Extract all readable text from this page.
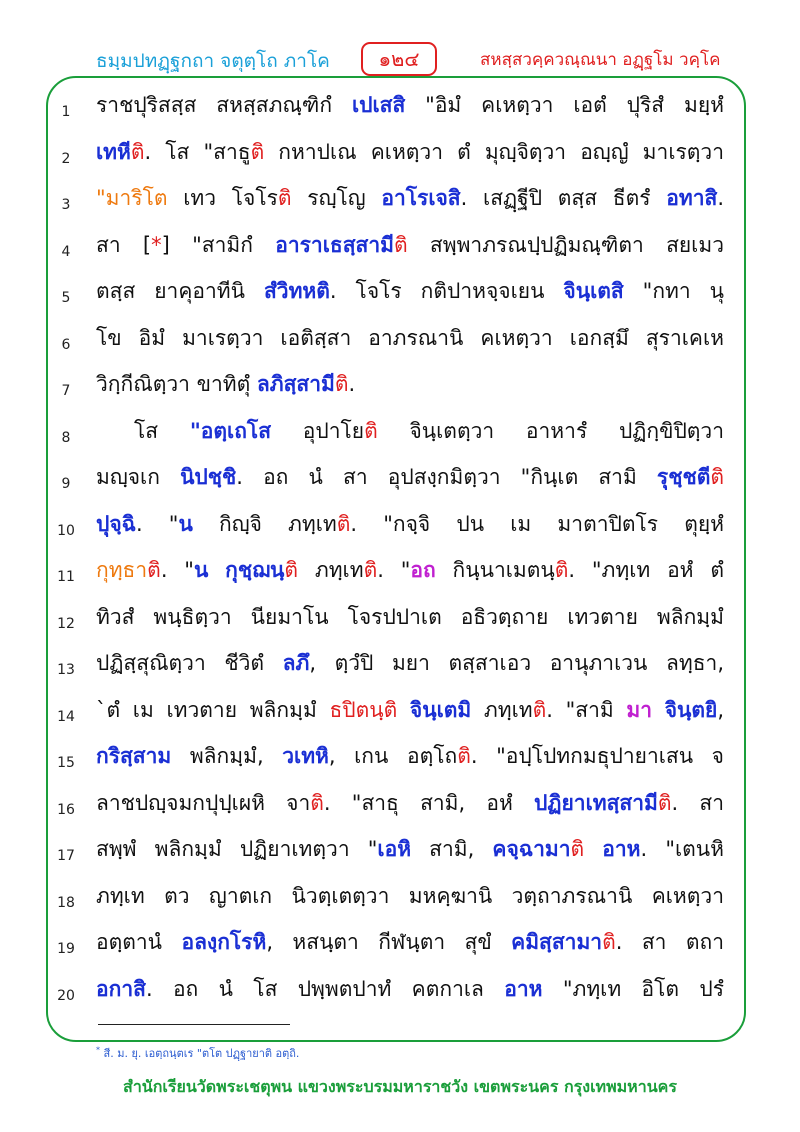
ธมฺมปทฏฺฐกถา จตุตฺโถ ภาโค	๑๒๔	สหสฺสวคฺควณฺณนา อฏฺฐโม วคฺโค
1	ราชปุริสสฺส สหสฺสภณฺฑิกํ เปเสสิ "อิมํ คเหตฺวา เอตํ ปุริสํ มยฺหํ
2	เทหีติ. โส "สาธูติ กหาปเณ คเหตฺวา ตํ มุญฺจิตฺวา อญฺญํ มาเรตฺวา
3	"มาริโต เทว โจโรติ รญฺโญ อาโรเจสิ. เสฏฺฐีปิ ตสฺส ธีตรํ อทาสิ.
4	สา [*] "สามิกํ อาราเธสฺสามีติ สพฺพาภรณปฺปฏิมณฺฑิตา สยเมว
5	ตสฺส ยาคุอาทีนิ สํวิทหติ. โจโร กติปาหจฺจเยน จินฺเตสิ "กทา นุ
6	โข อิมํ มาเรตฺวา เอติสฺสา อาภรณานิ คเหตฺวา เอกสฺมึ สุราเคเห
7	วิกฺกีณิตฺวา ขาทิตุํ ลภิสฺสามีติ.
8	โส "อตฺเถโส อุปาโยติ จินฺเตตฺวา อาหารํ ปฏิกฺขิปิตฺวา
9	มญฺจเก นิปชฺชิ. อถ นํ สา อุปสงฺกมิตฺวา "กินฺเต สามิ รุชฺชตีติ
10	ปุจฺฉิ. "น กิญฺจิ ภทฺเทติ. "กจฺจิ ปน เม มาตาปิตโร ตุยฺหํ
11	กุทฺธาติ. "น กุชฺฌนฺติ ภทฺเทติ. "อถ กินฺนาเมตนฺติ. "ภทฺเท อหํ ตํ
12	ทิวสํ พนฺธิตฺวา นียมาโน โจรปปาเต อธิวตฺถาย เทวตาย พลิกมฺมํ
13	ปฏิสฺสุณิตฺวา ชีวิตํ ลภึ, ตฺวํปิ มยา ตสฺสาเอว อานุภาเวน ลทฺธา,
14	`ตํ เม เทวตาย พลิกมฺมํ ธปิตนฺติ จินฺเตมิ ภทฺเทติ. "สามิ มา จินฺตยิ,
15	กริสฺสาม พลิกมฺมํ, วเทหิ, เกน อตฺโถติ. "อปฺโปทกมธุปายาเสน จ
16	ลาชปญฺจมกปุปฺเผหิ จาติ. "สาธุ สามิ, อหํ ปฏิยาเทสฺสามีติ. สา
17	สพฺพํ พลิกมฺมํ ปฏิยาเทตฺวา "เอหิ สามิ, คจฺฉามาติ อาห. "เตนหิ
18	ภทฺเท ตว ญาตเก นิวตฺเตตฺวา มหคฺฆานิ วตฺถาภรณานิ คเหตฺวา
19	อตฺตานํ อลงฺกโรหิ, หสนฺตา กีฬนฺตา สุขํ คมิสฺสามาติ. สา ตถา
20	อกาสิ. อถ นํ โส ปพฺพตปาทํ คตกาเล อาห "ภทฺเท อิโต ปรํ
* สี. ม. ยุ. เอตฺถนฺตเร "ตโต ปฏฺฐายาติ อตฺถิ.
สำนักเรียนวัดพระเชตุพน แขวงพระบรมมหาราชวัง เขตพระนคร กรุงเทพมหานคร
